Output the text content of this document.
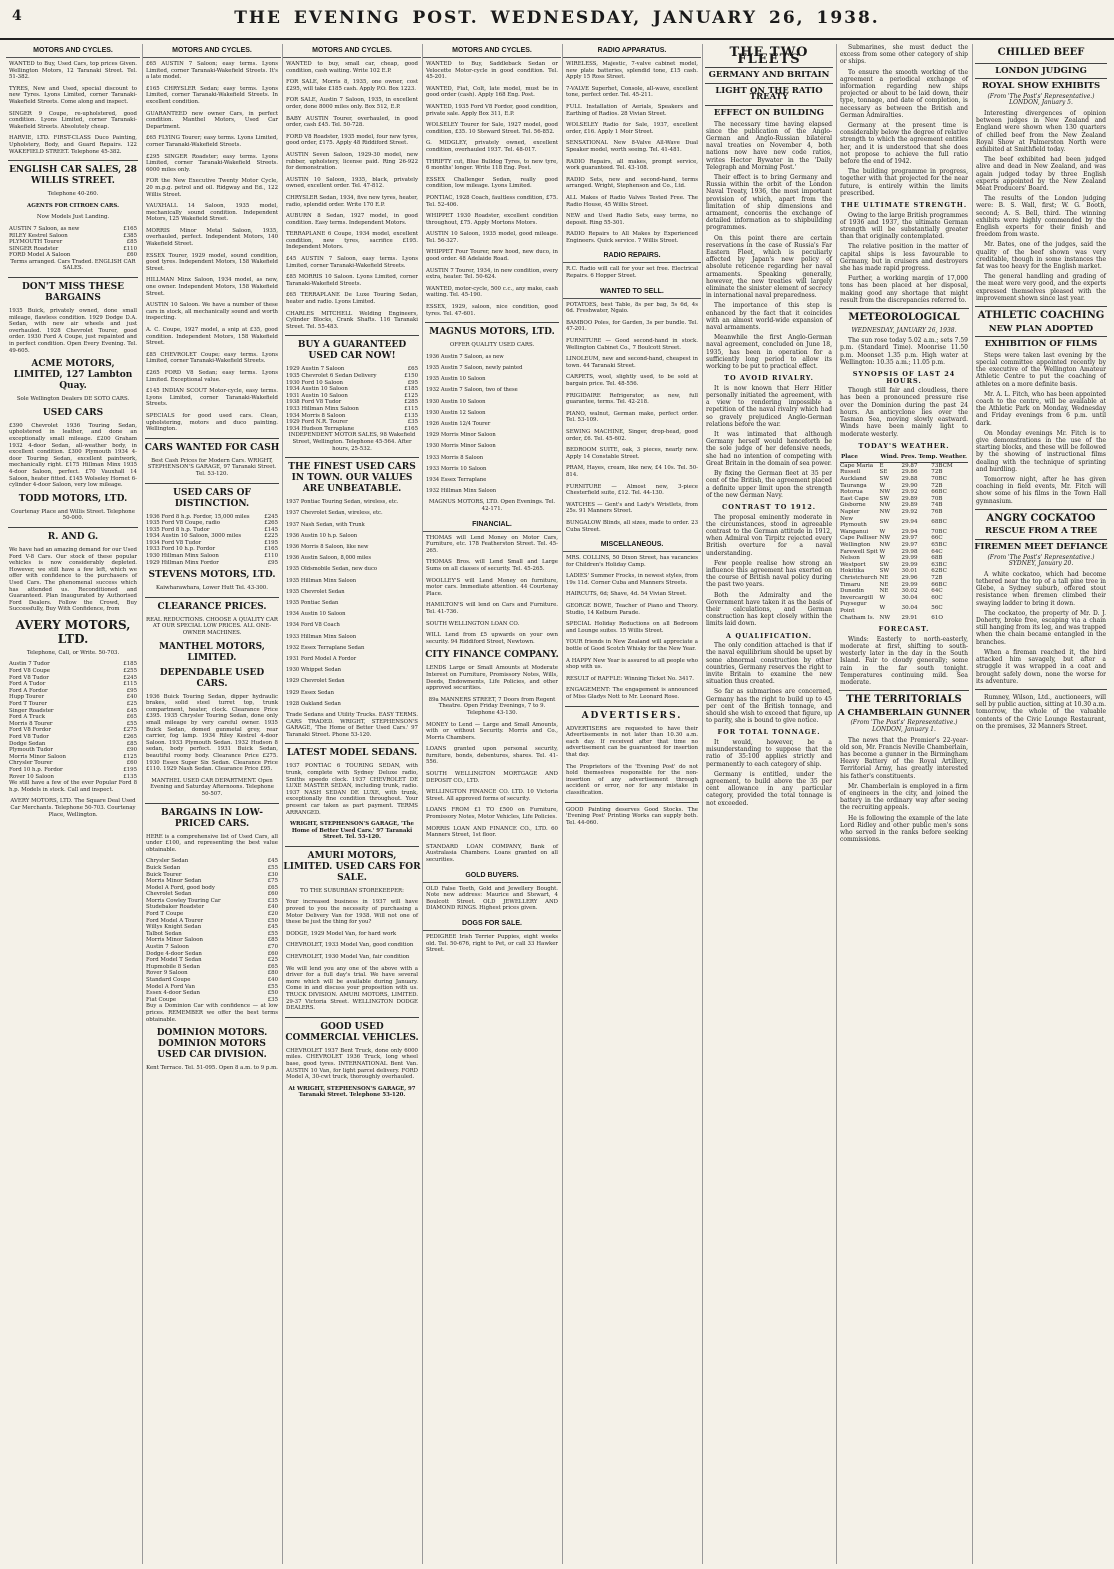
4	THE EVENING POST. WEDNESDAY, JANUARY 26, 1938.
MOTORS AND CYCLES.
WANTED to Buy, Used Cars, top prices Given. Wellington Motors, 12 Taranaki Street. Tel. 51-382.
TYRES, New and Used, special discount to new Tyres. Lyons Limited, corner Taranaki-Wakefield Streets. Come along and inspect.
SINGER 9 Coupe, re-upholstered, good condition. Lyons Limited, corner Taranaki-Wakefield Streets. Absolutely cheap.
HARVIE, LTD. FIRST-CLASS Duco Painting, Upholstery, Body, and Guard Repairs. 122 WAKEFIELD STREET. Telephone 45-382.
ENGLISH CAR SALES, 28 WILLIS STREET.
Telephone 40-260.
AGENTS FOR CITROEN CARS.
Now Models Just Landing.
AUSTIN 7 Saloon, as new	£165
RILEY Kestrel Saloon	£385
PLYMOUTH Tourer	£85
SINGER Roadster	£110
FORD Model A Saloon	£60
Terms arranged. Cars Traded. ENGLISH CAR SALES.
DON'T MISS THESE BARGAINS
1935 Buick, privately owned, done small mileage, flawless condition. 1929 Dodge D.A. Sedan, with new air wheels and just overhauled. 1928 Chevrolet Tourer, good order. 1930 Ford A Coupe, just repainted and in perfect condition. Open Every Evening. Tel. 49-605.
ACME MOTORS, LIMITED, 127 Lambton Quay.
Sole Wellington Dealers DE SOTO CARS.
USED CARS
£390 Chevrolet 1936 Touring Sedan, upholstered in leather, and done an exceptionally small mileage. £200 Graham 1932 4-door Sedan, all-weather body, in excellent condition. £300 Plymouth 1934 4-door Touring Sedan, excellent paintwork, mechanically right. £175 Hillman Minx 1935 4-door Saloon, perfect. £70 Vauxhall 14 Saloon, heater fitted. £145 Wolseley Hornet 6-cylinder 4-door Saloon, very low mileage.
TODD MOTORS, LTD.
Courtenay Place and Willis Street. Telephone 50-000.
R. AND G.
We have had an amazing demand for our Used Ford V-8 Cars. Our stock of these popular vehicles is now considerably depleted. However, we still have a few left, which we offer with confidence to the purchasers of Used Cars. The phenomenal success which has attended us. Reconditioned and Guaranteed. Plan Inaugurated by Authorised Ford Dealers. Follow the Crowd, Buy Successfully, Buy With Confidence, from
AVERY MOTORS, LTD.
Telephone, Call, or Write. 50-703.
Austin 7 Tudor	£185
Ford V8 Coupe	£255
Ford V8 Tudor	£245
Ford A Tudor	£115
Ford A Fordor	£95
Hupp Tourer	£40
Ford T Tourer	£25
Singer Roadster	£45
Ford A Truck	£65
Morris 8 Tourer	£55
Ford V8 Fordor	£275
Ford V8 Tudor	£265
Dodge Sedan	£85
Plymouth Tudor	£90
Morris Minor Saloon	£125
Chrysler Tourer	£60
Ford 10 h.p. Fordor	£195
Rover 10 Saloon	£135
We still have a few of the ever Popular Ford 8 h.p. Models in stock. Call and inspect.
AVERY MOTORS, LTD. The Square Deal Used Car Merchants. Telephone 50-703. Courtenay Place, Wellington.
MOTORS AND CYCLES.
£65 AUSTIN 7 Saloon; easy terms. Lyons Limited, corner Taranaki-Wakefield Streets. It's a late model.
£165 CHRYSLER Sedan; easy terms. Lyons Limited, corner Taranaki-Wakefield Streets. In excellent condition.
GUARANTEED new owner Cars, in perfect condition. Manthel Motors, Used Car Department.
£65 FLYING Tourer; easy terms. Lyons Limited, corner Taranaki-Wakefield Streets.
£295 SINGER Roadster; easy terms. Lyons Limited, corner Taranaki-Wakefield Streets. 6000 miles only.
FOR the New Executive Twenty Motor Cycle, 20 m.p.g. petrol and oil. Ridgway and Ed., 122 Willis Street.
VAUXHALL 14 Saloon, 1935 model, mechanically sound condition. Independent Motors, 125 Wakefield Street.
MORRIS Minor Metal Saloon, 1935, overhauled, perfect. Independent Motors, 140 Wakefield Street.
ESSEX Tourer, 1929 model, sound condition, good tyres. Independent Motors, 158 Wakefield Street.
HILLMAN Minx Saloon, 1934 model, as new, one owner. Independent Motors, 158 Wakefield Street.
AUSTIN 10 Saloon. We have a number of these cars in stock, all mechanically sound and worth inspecting.
A. C. Coupe, 1927 model, a snip at £35, good condition. Independent Motors, 158 Wakefield Street.
£85 CHEVROLET Coupe; easy terms. Lyons Limited, corner Taranaki-Wakefield Streets.
£265 FORD V8 Sedan; easy terms. Lyons Limited. Exceptional value.
£145 INDIAN SCOUT Motor-cycle, easy terms. Lyons Limited, corner Taranaki-Wakefield Streets.
SPECIALS for good used cars. Clean, upholstering, motors and duco painting. Wellington.
CARS WANTED FOR CASH
Best Cash Prices for Modern Cars. WRIGHT, STEPHENSON'S GARAGE, 97 Taranaki Street. Tel. 53-120.
USED CARS OF DISTINCTION.
1936 Ford 8 h.p. Fordor, 15,000 miles	£245
1935 Ford V8 Coupe, radio	£265
1935 Ford 8 h.p. Tudor	£145
1934 Austin 10 Saloon, 3000 miles	£225
1934 Ford V8 Tudor	£195
1933 Ford 10 h.p. Fordor	£165
1930 Hillman Minx Saloon	£110
1929 Hillman Minx Fordor	£95
STEVENS MOTORS, LTD.
Kaiwharawhara, Lower Hutt Tel. 43-300.
CLEARANCE PRICES.
REAL REDUCTIONS. CHOOSE A QUALITY CAR AT OUR SPECIAL LOW PRICES. ALL ONE-OWNER MACHINES.
MANTHEL MOTORS, LIMITED.
DEPENDABLE USED CARS.
1936 Buick Touring Sedan, dipper hydraulic brakes, solid steel turret top, trunk compartment, heater, clock. Clearance Price £395. 1935 Chrysler Touring Sedan, done only small mileage by very careful owner. 1935 Buick Sedan, domed gunmetal grey, rear carrier, fog lamp. 1934 Riley Kestrel 4-door Saloon. 1933 Plymouth Sedan. 1932 Hudson 8 sedan, body perfect. 1931 Buick Sedan, beautiful roomy body. Clearance Price £275. 1930 Essex Super Six Sedan. Clearance Price £110. 1929 Nash Sedan. Clearance Price £95.
MANTHEL USED CAR DEPARTMENT. Open Evening and Saturday Afternoons. Telephone 50-507.
BARGAINS IN LOW-PRICED CARS.
HERE is a comprehensive list of Used Cars, all under £100, and representing the best value obtainable.
Chrysler Sedan	£45
Buick Sedan	£55
Buick Tourer	£30
Morris Minor Sedan	£75
Model A Ford, good body	£65
Chevrolet Sedan	£60
Morris Cowley Touring Car	£35
Studebaker Roadster	£40
Ford T Coupe	£20
Ford Model A Tourer	£50
Willys Knight Sedan	£45
Talbot Sedan	£55
Morris Minor Saloon	£85
Austin 7 Saloon	£70
Dodge 4-door Sedan	£60
Ford Model T Sedan	£25
Hupmobile 8 Sedan	£65
Rover 9 Saloon	£80
Standard Coupe	£40
Model A Ford Van	£55
Essex 4-door Sedan	£50
Fiat Coupe	£35
Buy a Dominion Car with confidence — at low prices. REMEMBER we offer the best terms obtainable.
DOMINION MOTORS. DOMINION MOTORS USED CAR DIVISION.
Kent Terrace. Tel. 51-095. Open 8 a.m. to 9 p.m.
MOTORS AND CYCLES.
WANTED to buy, small car, cheap, good condition, cash waiting. Write 102 E.P.
FOR SALE, Morris 8, 1935, one owner, cost £295, will take £185 cash. Apply P.O. Box 1223.
FOR SALE, Austin 7 Saloon, 1935, in excellent order, done 8000 miles only. Box 512, E.P.
BABY AUSTIN Tourer, overhauled, in good order, cash £45. Tel. 50-728.
FORD V8 Roadster, 1935 model, four new tyres, good order, £175. Apply 48 Riddiford Street.
AUSTIN Seven Saloon, 1929-30 model, new rubber, upholstery, license paid. Ring 26-922 for demonstration.
AUSTIN 10 Saloon, 1935, black, privately owned, excellent order. Tel. 47-812.
CHRYSLER Sedan, 1934, five new tyres, heater, radio, splendid order. Write 170 E.P.
AUBURN 8 Sedan, 1927 model, in good condition. Easy terms. Independent Motors.
TERRAPLANE 6 Coupe, 1934 model, excellent condition, new tyres, sacrifice £195. Independent Motors.
£45 AUSTIN 7 Saloon, easy terms. Lyons Limited, corner Taranaki-Wakefield Streets.
£85 MORRIS 10 Saloon. Lyons Limited, corner Taranaki-Wakefield Streets.
£65 TERRAPLANE De Luxe Touring Sedan, heater and radio. Lyons Limited.
CHARLES MITCHELL Welding Engineers, Cylinder Blocks, Crank Shafts. 116 Taranaki Street. Tel. 55-483.
BUY A GUARANTEED USED CAR NOW!
1929 Austin 7 Saloon	£65
1935 Chevrolet 6 Sedan Delivery	£150
1930 Ford 10 Saloon	£95
1934 Austin 10 Saloon	£185
1931 Austin 10 Saloon	£125
1938 Ford V8 Tudor	£285
1933 Hillman Minx Saloon	£115
1934 Morris 8 Saloon	£135
1929 Ford N.R. Tourer	£35
1934 Hudson Terraplane	£165
INDEPENDENT MOTOR SALES, 98 Wakefield Street, Wellington. Telephone 45-564. After hours, 25-532.
THE FINEST USED CARS IN TOWN. OUR VALUES ARE UNBEATABLE.
1937 Pontiac Touring Sedan, wireless, etc.
1937 Chevrolet Sedan, wireless, etc.
1937 Nash Sedan, with Trunk
1936 Austin 10 h.p. Saloon
1936 Morris 8 Saloon, like new
1936 Austin Saloon, 8,000 miles
1935 Oldsmobile Sedan, new duco
1935 Hillman Minx Saloon
1935 Chevrolet Sedan
1935 Pontiac Sedan
1934 Austin 10 Saloon
1934 Ford V8 Coach
1933 Hillman Minx Saloon
1932 Essex Terraplane Sedan
1931 Ford Model A Fordor
1930 Whippet Sedan
1929 Chevrolet Sedan
1929 Essex Sedan
1928 Oakland Sedan
Trade Sedans and Utility Trucks. EASY TERMS. CARS TRADED. WRIGHT, STEPHENSON'S GARAGE, 'The Home of Better Used Cars.' 97 Taranaki Street. Phone 53-120.
LATEST MODEL SEDANS.
1937 PONTIAC 6 TOURING SEDAN, with trunk, complete with Sydney Deluxe radio, Smiths speedo clock. 1937 CHEVROLET DE LUXE MASTER SEDAN, including trunk, radio. 1937 NASH SEDAN DE LUXE, with trunk, exceptionally fine condition throughout. Your present car taken as part payment. TERMS ARRANGED.
WRIGHT, STEPHENSON'S GARAGE, 'The Home of Better Used Cars.' 97 Taranaki Street. Tel. 53-120.
AMURI MOTORS, LIMITED. USED CARS FOR SALE.
TO THE SUBURBAN STOREKEEPER:
Your increased business in 1937 will have proved to you the necessity of purchasing a Motor Delivery Van for 1938. Will not one of these be just the thing for you?
DODGE, 1929 Model Van, for hard work
CHEVROLET, 1933 Model Van, good condition
CHEVROLET, 1930 Model Van, fair condition
We will lend you any one of the above with a driver for a full day's trial. We have several more which will be available during January. Come in and discuss your proposition with us. TRUCK DIVISION. AMURI MOTORS, LIMITED. 29-37 Victoria Street. WELLINGTON DODGE DEALERS.
GOOD USED COMMERCIAL VEHICLES.
CHEVROLET 1937 Bent Truck, done only 6000 miles. CHEVROLET 1936 Truck, long wheel base, good tyres. INTERNATIONAL Bent Van. AUSTIN 10 Van, for light parcel delivery. FORD Model A, 30-cwt truck, thoroughly overhauled.
At WRIGHT, STEPHENSON'S GARAGE, 97 Taranaki Street. Telephone 53-120.
MOTORS AND CYCLES.
WANTED to Buy, Saddleback Sedan or Velocette Motor-cycle in good condition. Tel. 45-201.
WANTED, Fiat, Colt, late model, must be in good order (cash). Apply 168 Eng. Post.
WANTED, 1935 Ford V8 Fordor, good condition, private sale. Apply Box 311, E.P.
WOLSELEY Tourer for Sale, 1927 model, good condition, £35. 10 Steward Street. Tel. 56-852.
G. MIDGLEY, privately owned, excellent condition, overhauled 1937. Tel. 48-017.
THRIFTY cut, Blue Bulldog Tyres, to new tyre, 6 months' longer. Write 118 Eng. Post.
ESSEX Challenger Sedan, really good condition, low mileage. Lyons Limited.
PONTIAC, 1928 Coach, faultless condition, £75. Tel. 52-406.
WHIPPET 1930 Roadster, excellent condition throughout, £75. Apply Mortons Motors.
AUSTIN 10 Saloon, 1935 model, good mileage. Tel. 56-327.
WHIPPET Four Tourer, new hood, new duco, in good order. 48 Adelaide Road.
AUSTIN 7 Tourer, 1934, in new condition, every extra, heater. Tel. 50-624.
WANTED, motor-cycle, 500 c.c., any make, cash waiting. Tel. 45-190.
ESSEX, 1929, saloon, nice condition, good tyres. Tel. 47-601.
MAGNUS MOTORS, LTD.
OFFER QUALITY USED CARS.
1936 Austin 7 Saloon, as new
1935 Austin 7 Saloon, newly painted
1935 Austin 10 Saloon
1932 Austin 7 Saloon, two of these
1930 Austin 10 Saloon
1930 Austin 12 Saloon
1926 Austin 12/4 Tourer
1929 Morris Minor Saloon
1930 Morris Minor Saloon
1933 Morris 8 Saloon
1933 Morris 10 Saloon
1934 Essex Terraplane
1932 Hillman Minx Saloon
MAGNUS MOTORS, LTD. Open Evenings. Tel. 42-171.
FINANCIAL.
THOMAS will Lend Money on Motor Cars, Furniture, etc. 178 Featherston Street. Tel. 45-265.
THOMAS Bros. will Lend Small and Large Sums on all classes of security. Tel. 45-265.
WOOLLEY'S will Lend Money on furniture, motor cars. Immediate attention. 44 Courtenay Place.
HAMILTON'S will lend on Cars and Furniture. Tel. 41-736.
SOUTH WELLINGTON LOAN CO.
WILL Lend from £5 upwards on your own security. 94 Riddiford Street, Newtown.
CITY FINANCE COMPANY.
LENDS Large or Small Amounts at Moderate Interest on Furniture, Promissory Notes, Wills, Deeds, Endowments, Life Policies, and other approved securities.
89a MANNERS STREET, 7 Doors from Regent Theatre. Open Friday Evenings, 7 to 9. Telephone 43-130.
MONEY to Lend — Large and Small Amounts, with or without Security. Morris and Co., Morris Chambers.
LOANS granted upon personal security, furniture, bonds, debentures, shares. Tel. 41-556.
SOUTH WELLINGTON MORTGAGE AND DEPOSIT CO., LTD.
WELLINGTON FINANCE CO. LTD. 10 Victoria Street. All approved forms of security.
LOANS FROM £1 TO £500 on Furniture, Promissory Notes, Motor Vehicles, Life Policies.
MORRIS LOAN AND FINANCE CO., LTD. 60 Manners Street, 1st floor.
STANDARD LOAN COMPANY, Bank of Australasia Chambers. Loans granted on all securities.
GOLD BUYERS.
OLD False Teeth, Gold and Jewellery Bought. Note new address: Maurice and Stewart, 4 Boulcott Street. OLD JEWELLERY AND DIAMOND RINGS. Highest prices given.
DOGS FOR SALE.
PEDIGREE Irish Terrier Puppies, eight weeks old. Tel. 50-676, right to Pet, or call 33 Hawker Street.
RADIO APPARATUS.
WIRELESS, Majestic, 7-valve cabinet model, new plate batteries, splendid tone, £15 cash. Apply 15 Ross Street.
7-VALVE Superhet, Console, all-wave, excellent tone, perfect order. Tel. 45-211.
FULL Installation of Aerials, Speakers and Earthing of Radios. 28 Vivian Street.
WOLSELEY Radio for Sale, 1937, excellent order, £16. Apply 1 Moir Street.
SENSATIONAL New 8-Valve All-Wave Dual Speaker model, worth seeing. Tel. 41-481.
RADIO Repairs, all makes, prompt service, work guaranteed. Tel. 43-108.
RADIO Sets, new and second-hand, terms arranged. Wright, Stephenson and Co., Ltd.
ALL Makes of Radio Valves Tested Free. The Radio House, 45 Willis Street.
NEW and Used Radio Sets, easy terms, no deposit. Ring 55-301.
RADIO Repairs to All Makes by Experienced Engineers. Quick service. 7 Willis Street.
RADIO REPAIRS.
R.C. Radio will call for your set free. Electrical Repairs. 6 Hopper Street.
WANTED TO SELL.
POTATOES, best Table, 8s per bag, 5s 6d, 4s 6d. Freshwater, Ngaio.
BAMBOO Poles, for Garden, 3s per bundle. Tel. 47-201.
FURNITURE — Good second-hand in stock. Wellington Cabinet Co., 7 Boulcott Street.
LINOLEUM, new and second-hand, cheapest in town. 44 Taranaki Street.
CARPETS, wool, slightly used, to be sold at bargain price. Tel. 48-556.
FRIGIDAIRE Refrigerator, as new, full guarantee, terms. Tel. 42-218.
PIANO, walnut, German make, perfect order. Tel. 53-109.
SEWING MACHINE, Singer, drop-head, good order, £6. Tel. 45-602.
BEDROOM SUITE, oak, 3 pieces, nearly new. Apply 14 Constable Street.
PRAM, Hayes, cream, like new, £4 10s. Tel. 50-814.
FURNITURE — Almost new, 3-piece Chesterfield suite, £12. Tel. 44-130.
WATCHES — Gent's and Lady's Wristlets, from 25s. 91 Manners Street.
BUNGALOW Blinds, all sizes, made to order. 23 Cuba Street.
MISCELLANEOUS.
MRS. COLLINS, 50 Dixon Street, has vacancies for Children's Holiday Camp.
LADIES' Summer Frocks, in newest styles, from 19s 11d. Corner Cuba and Manners Streets.
HAIRCUTS, 6d; Shave, 4d. 54 Vivian Street.
GEORGE BOWE, Teacher of Piano and Theory. Studio, 14 Kelburn Parade.
SPECIAL Holiday Reductions on all Bedroom and Lounge suites. 15 Willis Street.
YOUR friends in New Zealand will appreciate a bottle of Good Scotch Whisky for the New Year.
A HAPPY New Year is assured to all people who shop with us.
RESULT of RAFFLE: Winning Ticket No. 3417.
ENGAGEMENT: The engagement is announced of Miss Gladys Nott to Mr. Leonard Rose.
ADVERTISERS.
ADVERTISERS are requested to have their Advertisements in not later than 10.30 a.m. each day. If received after that time no advertisement can be guaranteed for insertion that day.
The Proprietors of the 'Evening Post' do not hold themselves responsible for the non-insertion of any advertisement through accident or error, nor for any mistake in classification.
GOOD Painting deserves Good Stocks. The 'Evening Post' Printing Works can supply both. Tel. 44-060.
THE TWO FLEETS
GERMANY AND BRITAIN
LIGHT ON THE RATIO TREATY
EFFECT ON BUILDING

The necessary time having elapsed since the publication of the Anglo-German and Anglo-Russian bilateral naval treaties on November 4, both nations now have new code ratios, writes Hector Bywater in the 'Daily Telegraph and Morning Post.'

Their effect is to bring Germany and Russia within the orbit of the London Naval Treaty, 1936, the most important provision of which, apart from the limitation of ship dimensions and armament, concerns the exchange of detailed information as to shipbuilding programmes.

On this point there are certain reservations in the case of Russia's Far Eastern Fleet, which is peculiarly affected by Japan's new policy of absolute reticence regarding her naval armaments. Speaking generally, however, the new treaties will largely eliminate the sinister element of secrecy in international naval preparedness.

The importance of this step is enhanced by the fact that it coincides with an almost world-wide expansion of naval armaments.

Meanwhile the first Anglo-German naval agreement, concluded on June 18, 1935, has been in operation for a sufficiently long period to allow its working to be put to practical effect.

TO AVOID RIVALRY.

It is now known that Herr Hitler personally initiated the agreement, with a view to rendering impossible a repetition of the naval rivalry which had so gravely prejudiced Anglo-German relations before the war.

It was intimated that although Germany herself would henceforth be the sole judge of her defensive needs, she had no intention of competing with Great Britain in the domain of sea power.

By fixing the German fleet at 35 per cent of the British, the agreement placed a definite upper limit upon the strength of the new German Navy.

CONTRAST TO 1912.

The proposal eminently moderate in the circumstances, stood in agreeable contrast to the German attitude in 1912, when Admiral von Tirpitz rejected every British overture for a naval understanding.

Few people realise how strong an influence this agreement has exerted on the course of British naval policy during the past two years.

Both the Admiralty and the Government have taken it as the basis of their calculations, and German construction has kept closely within the limits laid down.

A QUALIFICATION.

The only condition attached is that if the naval equilibrium should be upset by some abnormal construction by other countries, Germany reserves the right to invite Britain to examine the new situation thus created.

So far as submarines are concerned, Germany has the right to build up to 45 per cent of the British tonnage, and should she wish to exceed that figure, up to parity, she is bound to give notice.

FOR TOTAL TONNAGE.

It would, however, be a misunderstanding to suppose that the ratio of 35:100 applies strictly and permanently to each category of ship.

Germany is entitled, under the agreement, to build above the 35 per cent allowance in any particular category, provided the total tonnage is not exceeded.

Submarines, she must deduct the excess from some other category of ship or ships.

To ensure the smooth working of the agreement a periodical exchange of information regarding new ships projected or about to be laid down, their type, tonnage, and date of completion, is necessary as between the British and German Admiralties.

Germany at the present time is considerably below the degree of relative strength to which the agreement entitles her, and it is understood that she does not propose to achieve the full ratio before the end of 1942.

The building programme in progress, together with that projected for the near future, is entirely within the limits prescribed.

THE ULTIMATE STRENGTH.

Owing to the large British programmes of 1936 and 1937, the ultimate German strength will be substantially greater than that originally contemplated.

The relative position in the matter of capital ships is less favourable to Germany, but in cruisers and destroyers she has made rapid progress.

Further, a working margin of 17,000 tons has been placed at her disposal, making good any shortage that might result from the discrepancies referred to.

METEOROLOGICAL
WEDNESDAY, JANUARY 26, 1938.

The sun rose today 5.02 a.m.; sets 7.59 p.m. (Standard Time). Moonrise 11.50 p.m. Moonset 1.35 p.m. High water at Wellington: 10.35 a.m.; 11.05 p.m.

SYNOPSIS OF LAST 24 HOURS.

Though still fair and cloudless, there has been a pronounced pressure rise over the Dominion during the past 24 hours. An anticyclone lies over the Tasman Sea, moving slowly eastward. Winds have been mainly light to moderate westerly.

TODAY'S WEATHER.
Place	Wind.	Pres.	Temp.	Weather.
Cape Maria	E	29.87	73	BCM
Russell	SE	29.86	72	B
Auckland	SW	29.88	70	BC
Tauranga	W	29.90	72	B
Rotorua	NW	29.92	66	BC
East Cape	SW	29.89	70	B
Gisborne	NW	29.89	74	B
Napier	NW	29.92	76	B
New Plymouth	SW	29.94	68	BC
Wanganui	W	29.94	70	BC
Cape Palliser	NW	29.97	66	C
Wellington	NW	29.97	65	BC
Farewell Spit	W	29.98	64	C
Nelson	W	29.99	68	B
Westport	SW	29.99	63	BC
Hokitika	SW	30.01	62	BC
Christchurch	NE	29.96	72	B
Timaru	NE	29.99	66	BC
Dunedin	NE	30.02	64	C
Invercargill	W	30.04	60	C
Puysegur Point	W	30.04	56	C
Chatham Is.	NW	29.91	61	O
FORECAST.

Winds: Easterly to north-easterly, moderate at first, shifting to south-westerly later in the day in the South Island. Fair to cloudy generally; some rain in the far south tonight. Temperatures continuing mild. Sea moderate.

THE TERRITORIALS
A CHAMBERLAIN GUNNER
(From 'The Post's' Representative.) LONDON, January 1.

The news that the Premier's 22-year-old son, Mr. Francis Neville Chamberlain, has become a gunner in the Birmingham Heavy Battery of the Royal Artillery, Territorial Army, has greatly interested his father's constituents.

Mr. Chamberlain is employed in a firm of engineers in the city, and joined the battery in the ordinary way after seeing the recruiting appeals.

He is following the example of the late Lord Ridley and other public men's sons who served in the ranks before seeking commissions.

CHILLED BEEF
LONDON JUDGING
ROYAL SHOW EXHIBITS
(From 'The Post's' Representative.) LONDON, January 5.

Interesting divergences of opinion between judges in New Zealand and England were shown when 130 quarters of chilled beef from the New Zealand Royal Show at Palmerston North were exhibited at Smithfield today.

The beef exhibited had been judged alive and dead in New Zealand, and was again judged today by three English experts appointed by the New Zealand Meat Producers' Board.

The results of the London judging were: B. S. Wall, first; W. G. Booth, second; A. S. Bell, third. The winning exhibits were highly commended by the English experts for their finish and freedom from waste.

Mr. Bates, one of the judges, said the quality of the beef shown was very creditable, though in some instances the fat was too heavy for the English market.

The general handling and grading of the meat were very good, and the experts expressed themselves pleased with the improvement shown since last year.

ATHLETIC COACHING
NEW PLAN ADOPTED
EXHIBITION OF FILMS

Steps were taken last evening by the special committee appointed recently by the executive of the Wellington Amateur Athletic Centre to put the coaching of athletes on a more definite basis.

Mr. A. L. Fitch, who has been appointed coach to the centre, will be available at the Athletic Park on Monday, Wednesday and Friday evenings from 6 p.m. until dark.

On Monday evenings Mr. Fitch is to give demonstrations in the use of the starting blocks, and these will be followed by the showing of instructional films dealing with the technique of sprinting and hurdling.

Tomorrow night, after he has given coaching in field events, Mr. Fitch will show some of his films in the Town Hall gymnasium.

ANGRY COCKATOO
RESCUE FROM A TREE
FIREMEN MEET DEFIANCE
(From 'The Post's' Representative.) SYDNEY, January 20.

A white cockatoo, which had become tethered near the top of a tall pine tree in Glebe, a Sydney suburb, offered stout resistance when firemen climbed their swaying ladder to bring it down.

The cockatoo, the property of Mr. D. J. Doherty, broke free, escaping via a chain still hanging from its leg, and was trapped when the chain became entangled in the branches.

When a fireman reached it, the bird attacked him savagely, but after a struggle it was wrapped in a coat and brought safely down, none the worse for its adventure.

Rumney, Wilson, Ltd., auctioneers, will sell by public auction, sitting at 10.30 a.m. tomorrow, the whole of the valuable contents of the Civic Lounge Restaurant, on the premises, 32 Manners Street.
